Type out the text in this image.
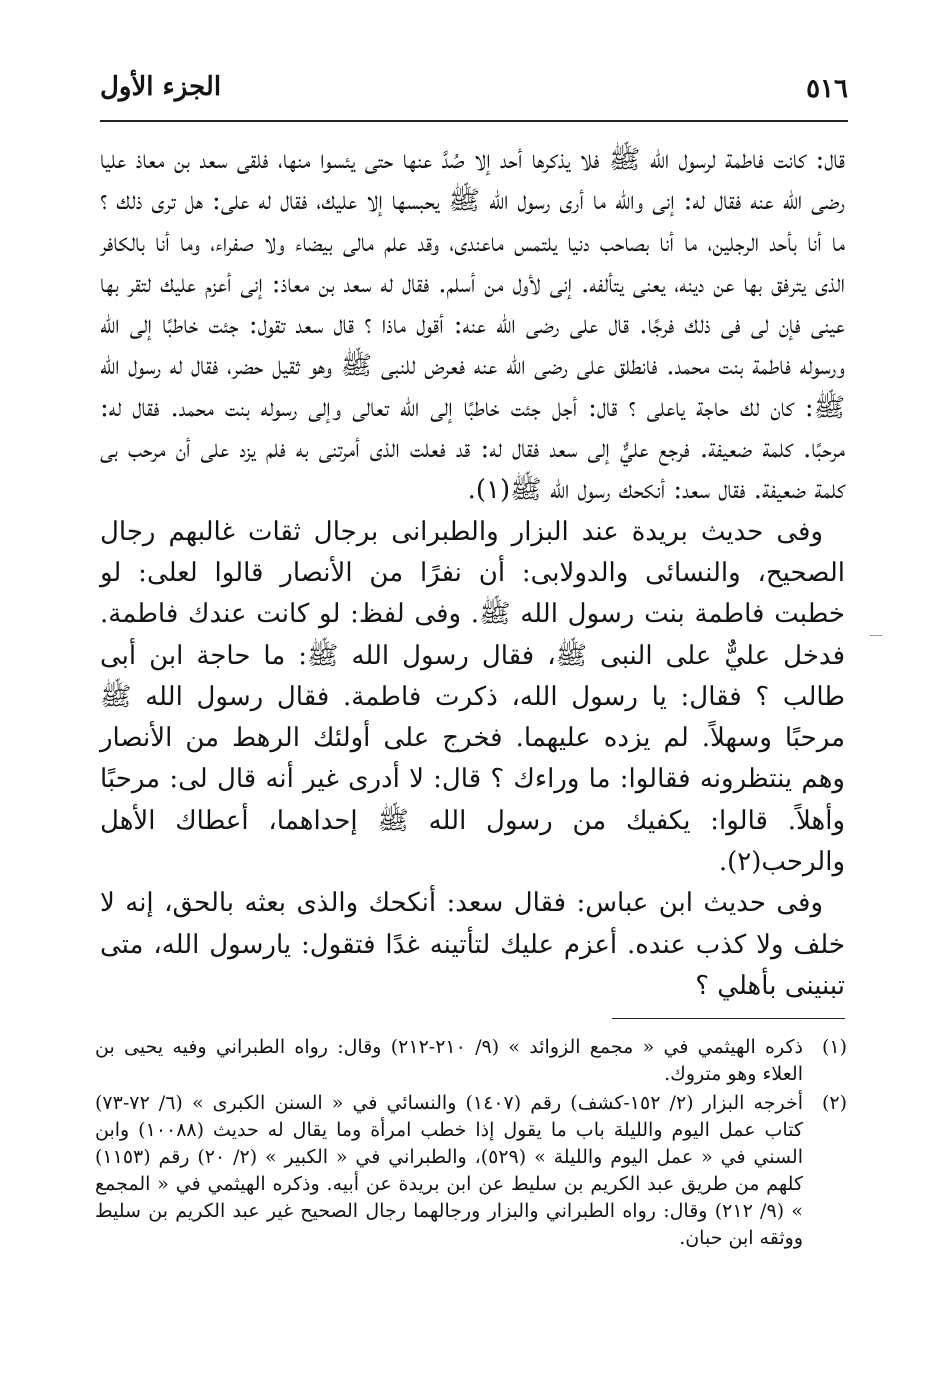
٥١٦
الجزء الأول

قال: كانت فاطمة لرسول الله ﷺ فلا يذكرها أحد إلا صُدَّ عنها حتى يئسوا منها، فلقى سعد بن معاذ عليا رضى الله عنه فقال له: إنى والله ما أرى رسول الله ﷺ يحبسها إلا عليك، فقال له على: هل ترى ذلك ؟ ما أنا بأحد الرجلين، ما أنا بصاحب دنيا يلتمس ماعندى، وقد علم مالى بيضاء ولا صفراء، وما أنا بالكافر الذى يترفق بها عن دينه، يعنى يتألفه. إنى لأول من أسلم. فقال له سعد بن معاذ: إنى أعزم عليك لتقر بها عينى فإن لى فى ذلك فرجًا. قال على رضى الله عنه: أقول ماذا ؟ قال سعد تقول: جئت خاطبًا إلى الله ورسوله فاطمة بنت محمد. فانطلق على رضى الله عنه فعرض للنبى ﷺ وهو ثقيل حضر، فقال له رسول الله ﷺ: كان لك حاجة ياعلى ؟ قال: أجل جئت خاطبًا إلى الله تعالى وإلى رسوله بنت محمد. فقال له: مرحبًا. كلمة ضعيفة. فرجع عليٌّ إلى سعد فقال له: قد فعلت الذى أمرتنى به فلم يزد على أن مرحب بى كلمة ضعيفة. فقال سعد: أنكحك رسول الله ﷺ(١).

وفى حديث بريدة عند البزار والطبرانى برجال ثقات غالبهم رجال الصحيح، والنسائى والدولابى: أن نفرًا من الأنصار قالوا لعلى: لو خطبت فاطمة بنت رسول الله ﷺ. وفى لفظ: لو كانت عندك فاطمة. فدخل عليٌّ على النبى ﷺ، فقال رسول الله ﷺ: ما حاجة ابن أبى طالب ؟ فقال: يا رسول الله، ذكرت فاطمة. فقال رسول الله ﷺ مرحبًا وسهلاً. لم يزده عليهما. فخرج على أولئك الرهط من الأنصار وهم ينتظرونه فقالوا: ما وراءك ؟ قال: لا أدرى غير أنه قال لى: مرحبًا وأهلاً. قالوا: يكفيك من رسول الله ﷺ إحداهما، أعطاك الأهل والرحب(٢).

وفى حديث ابن عباس: فقال سعد: أنكحك والذى بعثه بالحق، إنه لا خلف ولا كذب عنده. أعزم عليك لتأتينه غدًا فتقول: يارسول الله، متى تبنينى بأهلي ؟

(١)
ذكره الهيثمي في « مجمع الزوائد » (٩/ ٢١٠-٢١٢) وقال: رواه الطبراني وفيه يحيى بن العلاء وهو متروك.
(٢)
أخرجه البزار (٢/ ١٥٢-كشف) رقم (١٤٠٧) والنسائي في « السنن الكبرى » (٦/ ٧٢-٧٣) كتاب عمل اليوم والليلة باب ما يقول إذا خطب امرأة وما يقال له حديث (١٠٠٨٨) وابن السني في « عمل اليوم والليلة » (٥٢٩)، والطبراني في « الكبير » (٢/ ٢٠) رقم (١١٥٣) كلهم من طريق عبد الكريم بن سليط عن ابن بريدة عن أبيه. وذكره الهيثمي في « المجمع » (٩/ ٢١٢) وقال: رواه الطبراني والبزار ورجالهما رجال الصحيح غير عبد الكريم بن سليط ووثقه ابن حبان.
